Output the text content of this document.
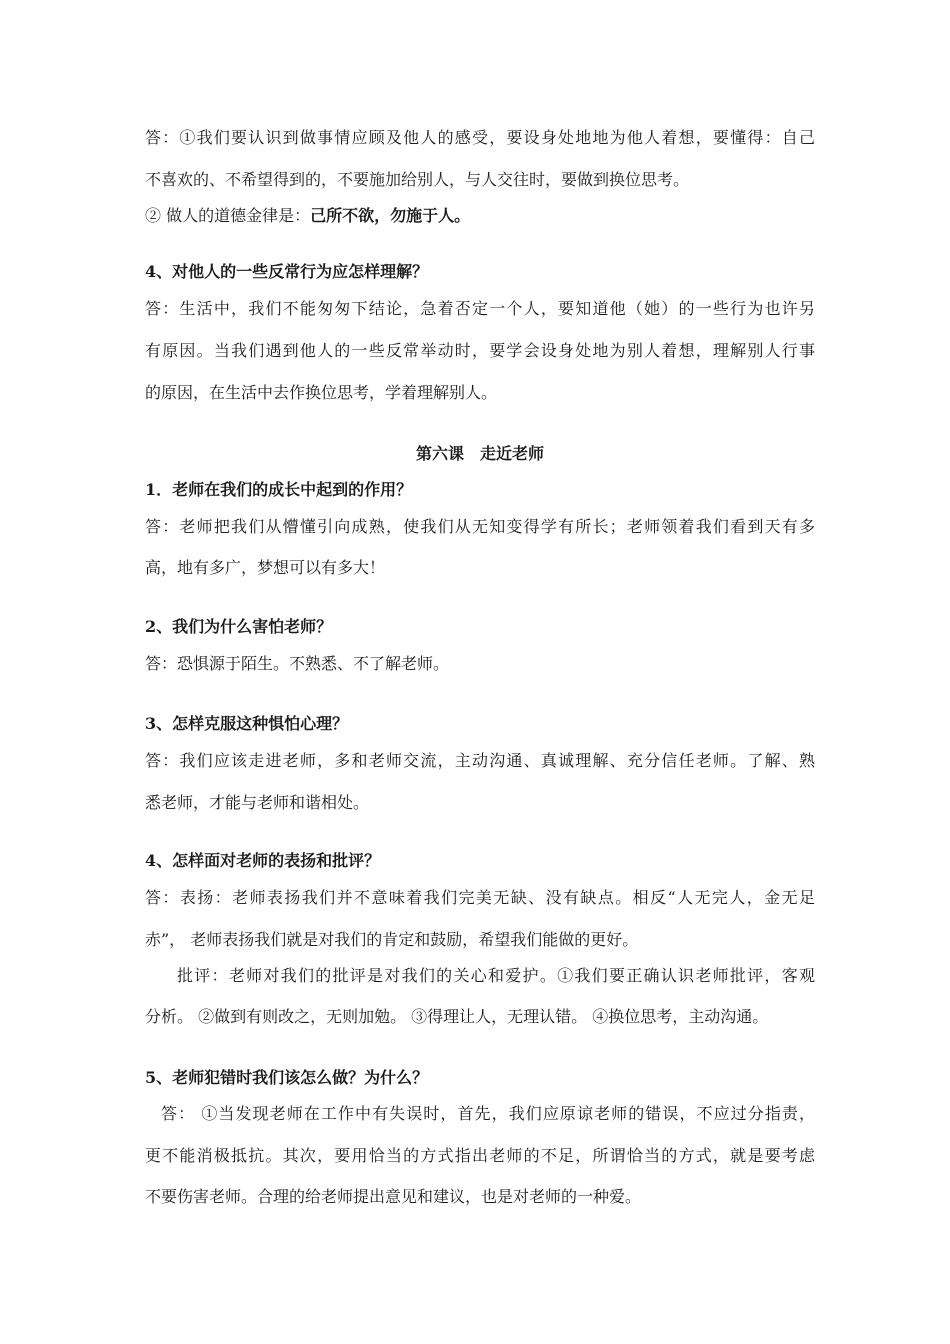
答：①我们要认识到做事情应顾及他人的感受，要设身处地地为他人着想，要懂得：自己
不喜欢的、不希望得到的，不要施加给别人，与人交往时，要做到换位思考。
② 做人的道德金律是：己所不欲，勿施于人。
4、对他人的一些反常行为应怎样理解？
答：生活中，我们不能匆匆下结论，急着否定一个人，要知道他（她）的一些行为也许另
有原因。当我们遇到他人的一些反常举动时，要学会设身处地为别人着想，理解别人行事
的原因，在生活中去作换位思考，学着理解别人。
第六课　走近老师
1．老师在我们的成长中起到的作用？
答：老师把我们从懵懂引向成熟，使我们从无知变得学有所长；老师领着我们看到天有多
高，地有多广，梦想可以有多大！
2、我们为什么害怕老师？
答：恐惧源于陌生。不熟悉、不了解老师。
3、怎样克服这种惧怕心理？
答：我们应该走进老师，多和老师交流，主动沟通、真诚理解、充分信任老师。了解、熟
悉老师，才能与老师和谐相处。
4、怎样面对老师的表扬和批评？
答：表扬：老师表扬我们并不意味着我们完美无缺、没有缺点。相反“人无完人，金无足
赤”， 老师表扬我们就是对我们的肯定和鼓励，希望我们能做的更好。
批评：老师对我们的批评是对我们的关心和爱护。①我们要正确认识老师批评，客观
分析。 ②做到有则改之，无则加勉。 ③得理让人，无理认错。 ④换位思考，主动沟通。
5、老师犯错时我们该怎么做？为什么？
答： ①当发现老师在工作中有失误时，首先，我们应原谅老师的错误，不应过分指责，
更不能消极抵抗。其次，要用恰当的方式指出老师的不足，所谓恰当的方式，就是要考虑
不要伤害老师。合理的给老师提出意见和建议，也是对老师的一种爱。
